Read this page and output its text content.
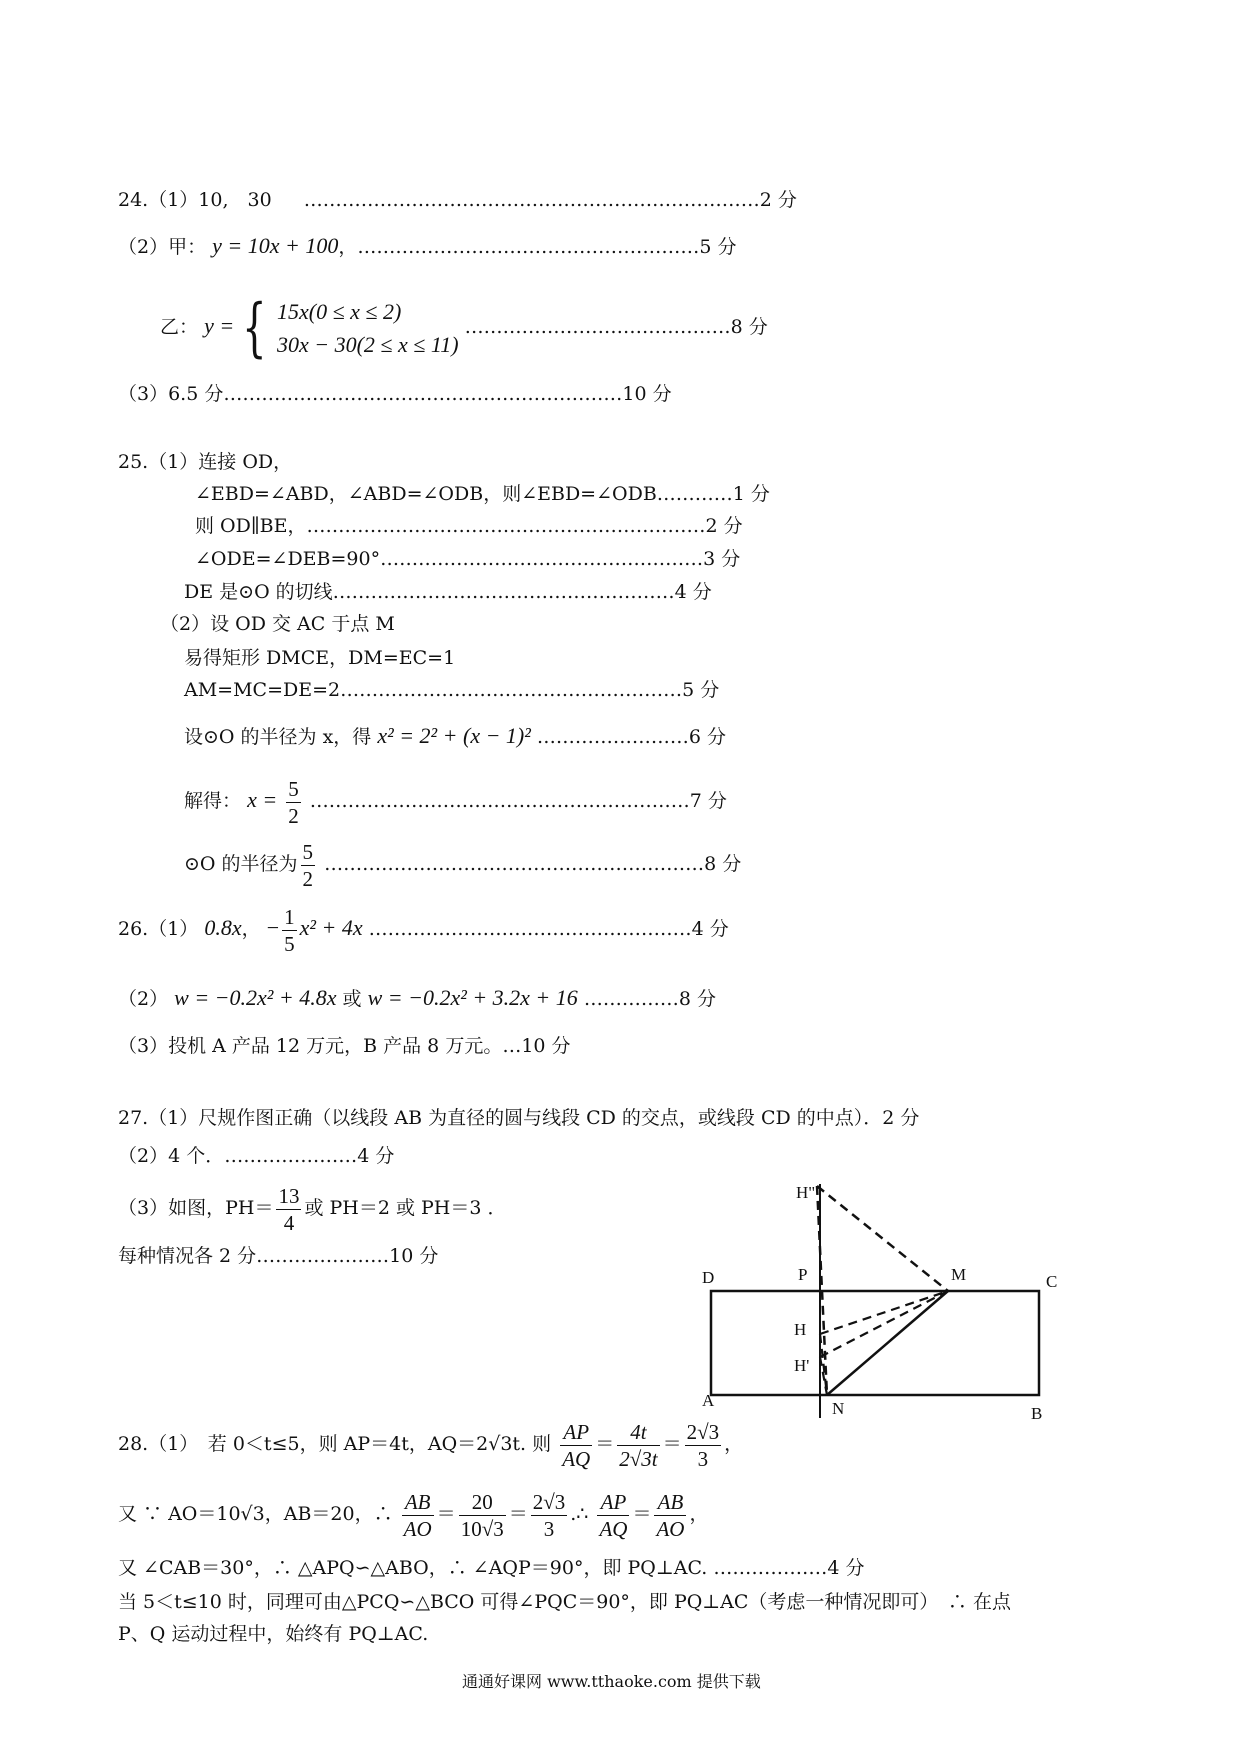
24.（1）10,　30 ………………………………………………………………2 分
（2）甲： y = 10x + 100，………………………………………………5 分
乙： y = { 15x(0 ≤ x ≤ 2)
30x − 30(2 ≤ x ≤ 11)
……………………………………8 分
（3）6.5 分………………………………………………………10 分
25.（1）连接 OD，
∠EBD=∠ABD，∠ABD=∠ODB，则∠EBD=∠ODB…………1 分
则 OD∥BE，………………………………………………………2 分
∠ODE=∠DEB=90°……………………………………………3 分
DE 是⊙O 的切线………………………………………………4 分
（2）设 OD 交 AC 于点 M
易得矩形 DMCE，DM=EC=1
AM=MC=DE=2………………………………………………5 分
设⊙O 的半径为 x，得 x² = 2² + (x − 1)² ……………………6 分
解得： $x = \frac{5}{2}$ ……………………………………………………7 分
⊙O 的半径为 $\frac{5}{2}$ ……………………………………………………8 分
26.（1） 0.8x， − $\frac{1}{5} x^2 + 4x$ ……………………………………………4 分
（2） w = −0.2x² + 4.8x 或 w = −0.2x² + 3.2x + 16 ……………8 分
（3）投机 A 产品 12 万元，B 产品 8 万元。…10 分
27.（1）尺规作图正确（以线段 AB 为直径的圆与线段 CD 的交点，或线段 CD 的中点）．2 分
（2）4 个．…………………4 分
（3）如图，$PH= \frac{13}{4}$ 或 PH＝2 或 PH＝3 ．
每种情况各 2 分…………………10 分
H"
D	P	M	C
H
H'
A	N	B
28.（1）　若 0＜t≤5，则 AP＝4t，AQ＝2√3t. 则 $\frac{AP}{AQ} = \frac{4t}{2√3t} = \frac{2√3}{3}$ ，
又 ∵ AO＝10√3，AB＝20，∴ $\frac{AB}{AO} = \frac{20}{10√3} = \frac{2√3}{3}$ .∴ $\frac{AP}{AQ} = \frac{AB}{AO}$ ，
又 ∠CAB＝30°，∴ △APQ∽△ABO，∴ ∠AQP＝90°，即 PQ⊥AC. ………………4 分
当 5＜t≤10 时，同理可由△PCQ∽△BCO 可得∠PQC＝90°，即 PQ⊥AC（考虑一种情况即可）　∴ 在点
P、Q 运动过程中，始终有 PQ⊥AC.
通通好课网 www.tthaoke.com 提供下载
